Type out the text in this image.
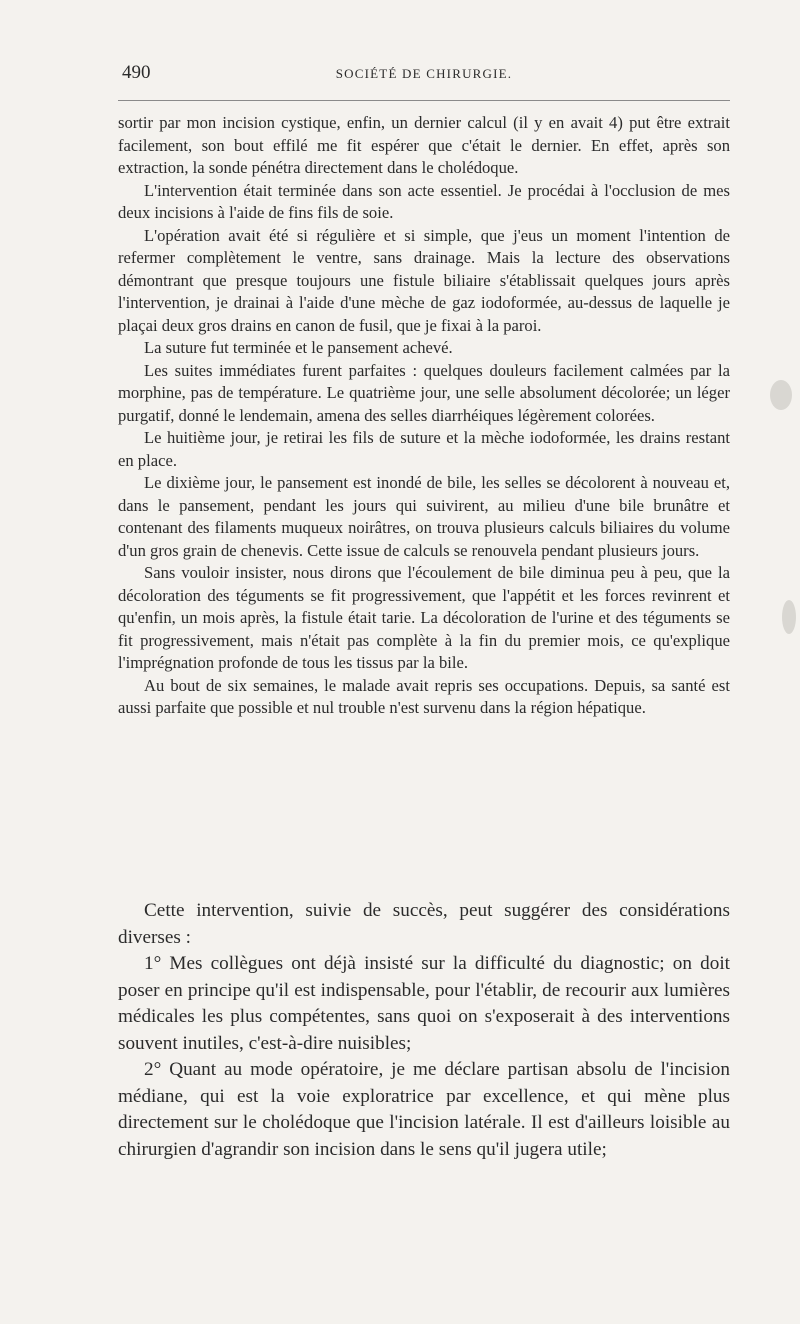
490	SOCIÉTÉ DE CHIRURGIE.

sortir par mon incision cystique, enfin, un dernier calcul (il y en avait 4) put être extrait facilement, son bout effilé me fit espérer que c'était le dernier. En effet, après son extraction, la sonde pénétra directement dans le cholédoque.

L'intervention était terminée dans son acte essentiel. Je procédai à l'occlusion de mes deux incisions à l'aide de fins fils de soie.

L'opération avait été si régulière et si simple, que j'eus un moment l'intention de refermer complètement le ventre, sans drainage. Mais la lecture des observations démontrant que presque toujours une fistule biliaire s'établissait quelques jours après l'intervention, je drainai à l'aide d'une mèche de gaz iodoformée, au-dessus de laquelle je plaçai deux gros drains en canon de fusil, que je fixai à la paroi.

La suture fut terminée et le pansement achevé.

Les suites immédiates furent parfaites : quelques douleurs facilement calmées par la morphine, pas de température. Le quatrième jour, une selle absolument décolorée; un léger purgatif, donné le lendemain, amena des selles diarrhéiques légèrement colorées.

Le huitième jour, je retirai les fils de suture et la mèche iodoformée, les drains restant en place.

Le dixième jour, le pansement est inondé de bile, les selles se décolorent à nouveau et, dans le pansement, pendant les jours qui suivirent, au milieu d'une bile brunâtre et contenant des filaments muqueux noirâtres, on trouva plusieurs calculs biliaires du volume d'un gros grain de chenevis. Cette issue de calculs se renouvela pendant plusieurs jours.

Sans vouloir insister, nous dirons que l'écoulement de bile diminua peu à peu, que la décoloration des téguments se fit progressivement, que l'appétit et les forces revinrent et qu'enfin, un mois après, la fistule était tarie. La décoloration de l'urine et des téguments se fit progressivement, mais n'était pas complète à la fin du premier mois, ce qu'explique l'imprégnation profonde de tous les tissus par la bile.

Au bout de six semaines, le malade avait repris ses occupations. Depuis, sa santé est aussi parfaite que possible et nul trouble n'est survenu dans la région hépatique.

Cette intervention, suivie de succès, peut suggérer des considérations diverses :

1° Mes collègues ont déjà insisté sur la difficulté du diagnostic; on doit poser en principe qu'il est indispensable, pour l'établir, de recourir aux lumières médicales les plus compétentes, sans quoi on s'exposerait à des interventions souvent inutiles, c'est-à-dire nuisibles;

2° Quant au mode opératoire, je me déclare partisan absolu de l'incision médiane, qui est la voie exploratrice par excellence, et qui mène plus directement sur le cholédoque que l'incision latérale. Il est d'ailleurs loisible au chirurgien d'agrandir son incision dans le sens qu'il jugera utile;
